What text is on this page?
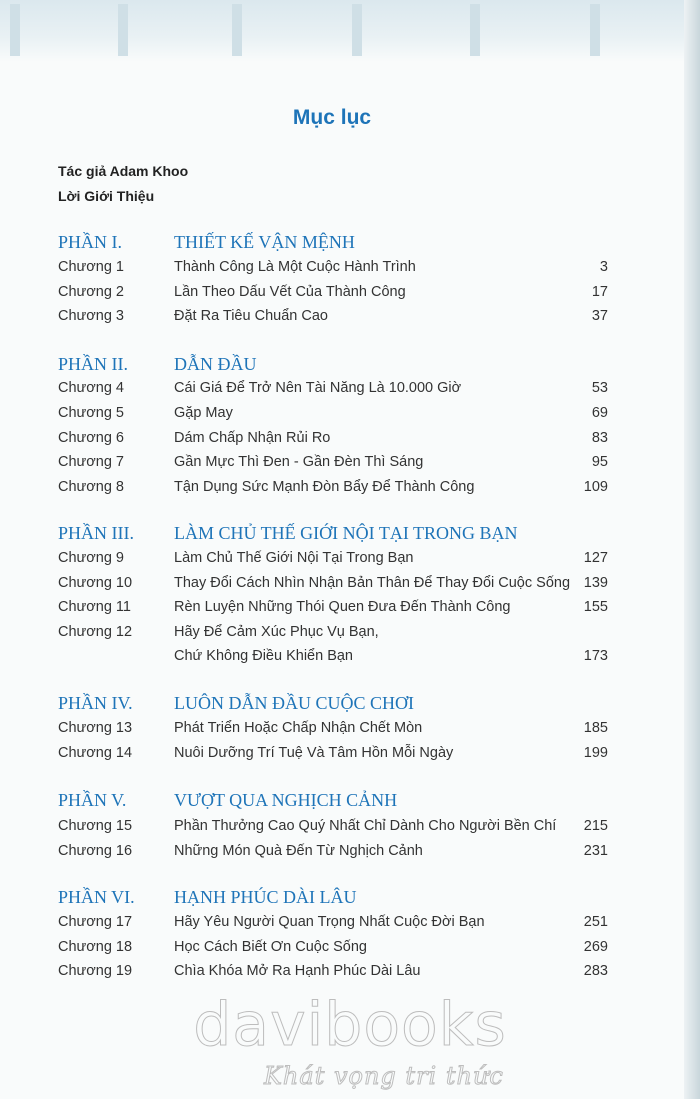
Mục lục
Tác giả Adam Khoo
Lời Giới Thiệu
PHẦN I.	THIẾT KẾ VẬN MỆNH
Chương 1	Thành Công Là Một Cuộc Hành Trình	3
Chương 2	Lần Theo Dấu Vết Của Thành Công	17
Chương 3	Đặt Ra Tiêu Chuẩn Cao	37
PHẦN II.	DẪN ĐẦU
Chương 4	Cái Giá Để Trở Nên Tài Năng Là 10.000 Giờ	53
Chương 5	Gặp May	69
Chương 6	Dám Chấp Nhận Rủi Ro	83
Chương 7	Gần Mực Thì Đen - Gần Đèn Thì Sáng	95
Chương 8	Tận Dụng Sức Mạnh Đòn Bẩy Để Thành Công	109
PHẦN III. LÀM CHỦ THẾ GIỚI NỘI TẠI TRONG BẠN
Chương 9	Làm Chủ Thế Giới Nội Tại Trong Bạn	127
Chương 10	Thay Đổi Cách Nhìn Nhận Bản Thân Để Thay Đổi Cuộc Sống 139
Chương 11	Rèn Luyện Những Thói Quen Đưa Đến Thành Công	155
Chương 12	Hãy Để Cảm Xúc Phục Vụ Bạn,
Chứ Không Điều Khiển Bạn	173
PHẦN IV. LUÔN DẪN ĐẦU CUỘC CHƠI
Chương 13	Phát Triển Hoặc Chấp Nhận Chết Mòn	185
Chương 14	Nuôi Dưỡng Trí Tuệ Và Tâm Hồn Mỗi Ngày	199
PHẦN V.	VƯỢT QUA NGHỊCH CẢNH
Chương 15	Phần Thưởng Cao Quý Nhất Chỉ Dành Cho Người Bền Chí	215
Chương 16	Những Món Quà Đến Từ Nghịch Cảnh	231
PHẦN VI. HẠNH PHÚC DÀI LÂU
Chương 17	Hãy Yêu Người Quan Trọng Nhất Cuộc Đời Bạn	251
Chương 18	Học Cách Biết Ơn Cuộc Sống	269
Chương 19	Chìa Khóa Mở Ra Hạnh Phúc Dài Lâu	283
davibooks
Khát vọng tri thức
